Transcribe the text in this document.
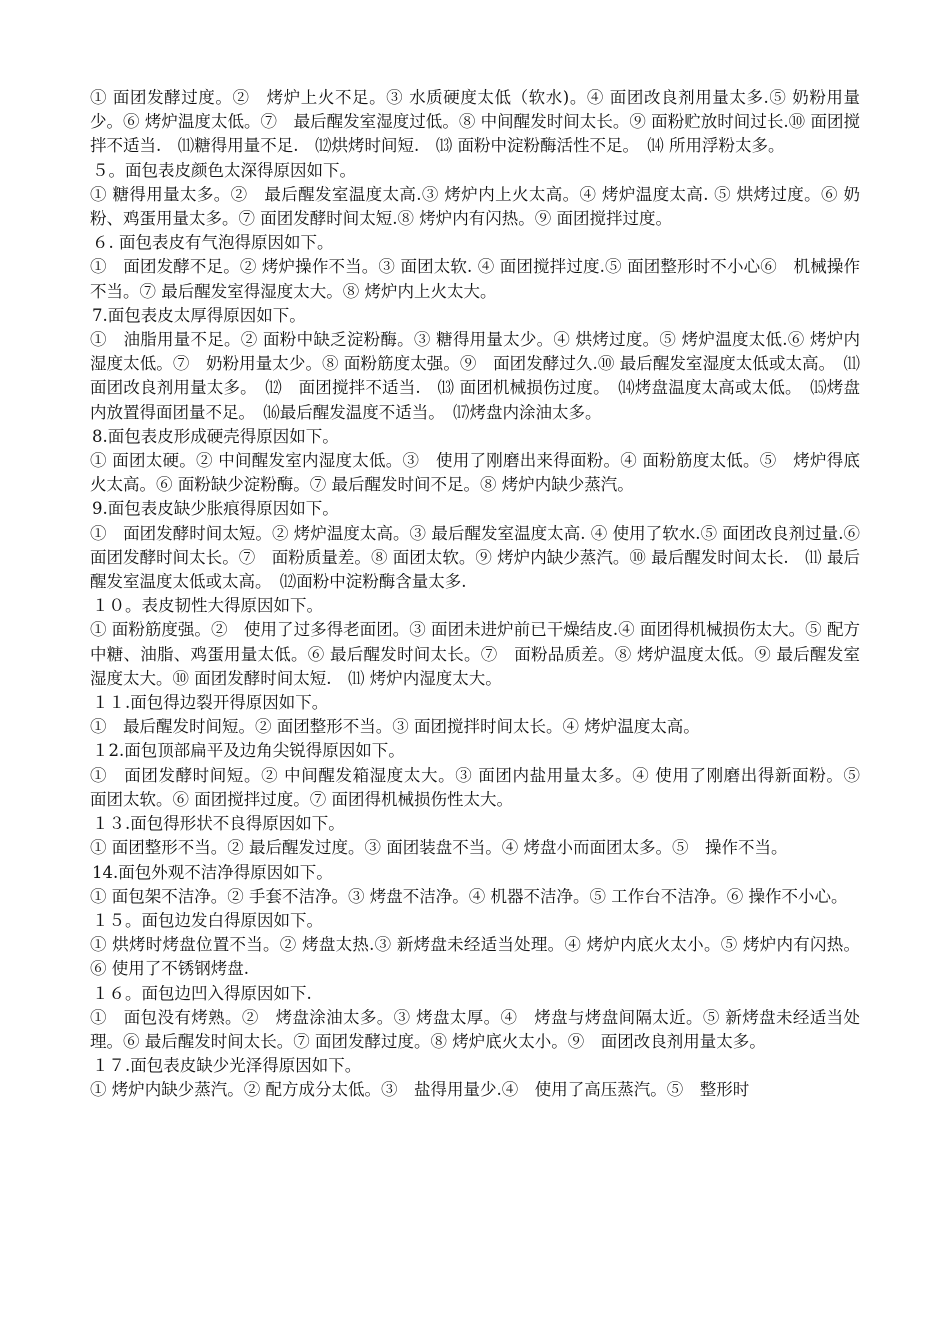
① 面团发酵过度。②　烤炉上火不足。③ 水质硬度太低（软水)。④ 面团改良剂用量太多.⑤ 奶粉用量少。⑥ 烤炉温度太低。⑦　最后醒发室湿度过低。⑧ 中间醒发时间太长。⑨ 面粉贮放时间过长.⑩ 面团搅拌不适当.　⑾糖得用量不足.　⑿烘烤时间短.　⒀ 面粉中淀粉酶活性不足。　⒁ 所用浮粉太多。

５。面包表皮颜色太深得原因如下。

① 糖得用量太多。②　最后醒发室温度太高.③ 烤炉内上火太高。④ 烤炉温度太高. ⑤ 烘烤过度。⑥ 奶粉、鸡蛋用量太多。⑦ 面团发酵时间太短.⑧ 烤炉内有闪热。⑨ 面团搅拌过度。

６. 面包表皮有气泡得原因如下。

①　面团发酵不足。② 烤炉操作不当。③ 面团太软. ④ 面团搅拌过度.⑤ 面团整形时不小心⑥　机械操作不当。⑦ 最后醒发室得湿度太大。⑧ 烤炉内上火太大。

7.面包表皮太厚得原因如下。

①　油脂用量不足。② 面粉中缺乏淀粉酶。③ 糖得用量太少。④ 烘烤过度。⑤ 烤炉温度太低.⑥ 烤炉内湿度太低。⑦　奶粉用量太少。⑧ 面粉筋度太强。⑨　面团发酵过久.⑩ 最后醒发室湿度太低或太高。　⑾面团改良剂用量太多。　⑿　面团搅拌不适当.　⒀ 面团机械损伤过度。　⒁烤盘温度太高或太低。　⒂烤盘内放置得面团量不足。　⒃最后醒发温度不适当。　⒄烤盘内涂油太多。

8.面包表皮形成硬壳得原因如下。

① 面团太硬。② 中间醒发室内湿度太低。③　使用了刚磨出来得面粉。④ 面粉筋度太低。⑤　烤炉得底火太高。⑥ 面粉缺少淀粉酶。⑦ 最后醒发时间不足。⑧ 烤炉内缺少蒸汽。

9.面包表皮缺少胀痕得原因如下。

①　面团发酵时间太短。② 烤炉温度太高。③ 最后醒发室温度太高. ④ 使用了软水.⑤ 面团改良剂过量.⑥ 面团发酵时间太长。⑦　面粉质量差。⑧ 面团太软。⑨ 烤炉内缺少蒸汽。⑩ 最后醒发时间太长.　⑾ 最后醒发室温度太低或太高。　⑿面粉中淀粉酶含量太多.

１０。表皮韧性大得原因如下。

① 面粉筋度强。②　使用了过多得老面团。③ 面团未进炉前已干燥结皮.④ 面团得机械损伤太大。⑤ 配方中糖、油脂、鸡蛋用量太低。⑥ 最后醒发时间太长。⑦　面粉品质差。⑧ 烤炉温度太低。⑨ 最后醒发室湿度太大。⑩ 面团发酵时间太短.　⑾ 烤炉内湿度太大。

１１.面包得边裂开得原因如下。

①　最后醒发时间短。② 面团整形不当。③ 面团搅拌时间太长。④ 烤炉温度太高。

１2.面包顶部扁平及边角尖锐得原因如下。

①　面团发酵时间短。② 中间醒发箱湿度太大。③ 面团内盐用量太多。④ 使用了刚磨出得新面粉。⑤　面团太软。⑥ 面团搅拌过度。⑦ 面团得机械损伤性太大。

１３.面包得形状不良得原因如下。

① 面团整形不当。② 最后醒发过度。③ 面团装盘不当。④ 烤盘小而面团太多。⑤　操作不当。

14.面包外观不洁净得原因如下。

① 面包架不洁净。② 手套不洁净。③ 烤盘不洁净。④ 机器不洁净。⑤ 工作台不洁净。⑥ 操作不小心。

１５。面包边发白得原因如下。

① 烘烤时烤盘位置不当。② 烤盘太热.③ 新烤盘未经适当处理。④ 烤炉内底火太小。⑤ 烤炉内有闪热。⑥ 使用了不锈钢烤盘.

１６。面包边凹入得原因如下.

①　面包没有烤熟。②　烤盘涂油太多。③ 烤盘太厚。④　烤盘与烤盘间隔太近。⑤ 新烤盘未经适当处理。⑥ 最后醒发时间太长。⑦ 面团发酵过度。⑧ 烤炉底火太小。⑨　面团改良剂用量太多。

１７.面包表皮缺少光泽得原因如下。

① 烤炉内缺少蒸汽。② 配方成分太低。③　盐得用量少.④　使用了高压蒸汽。⑤　整形时
